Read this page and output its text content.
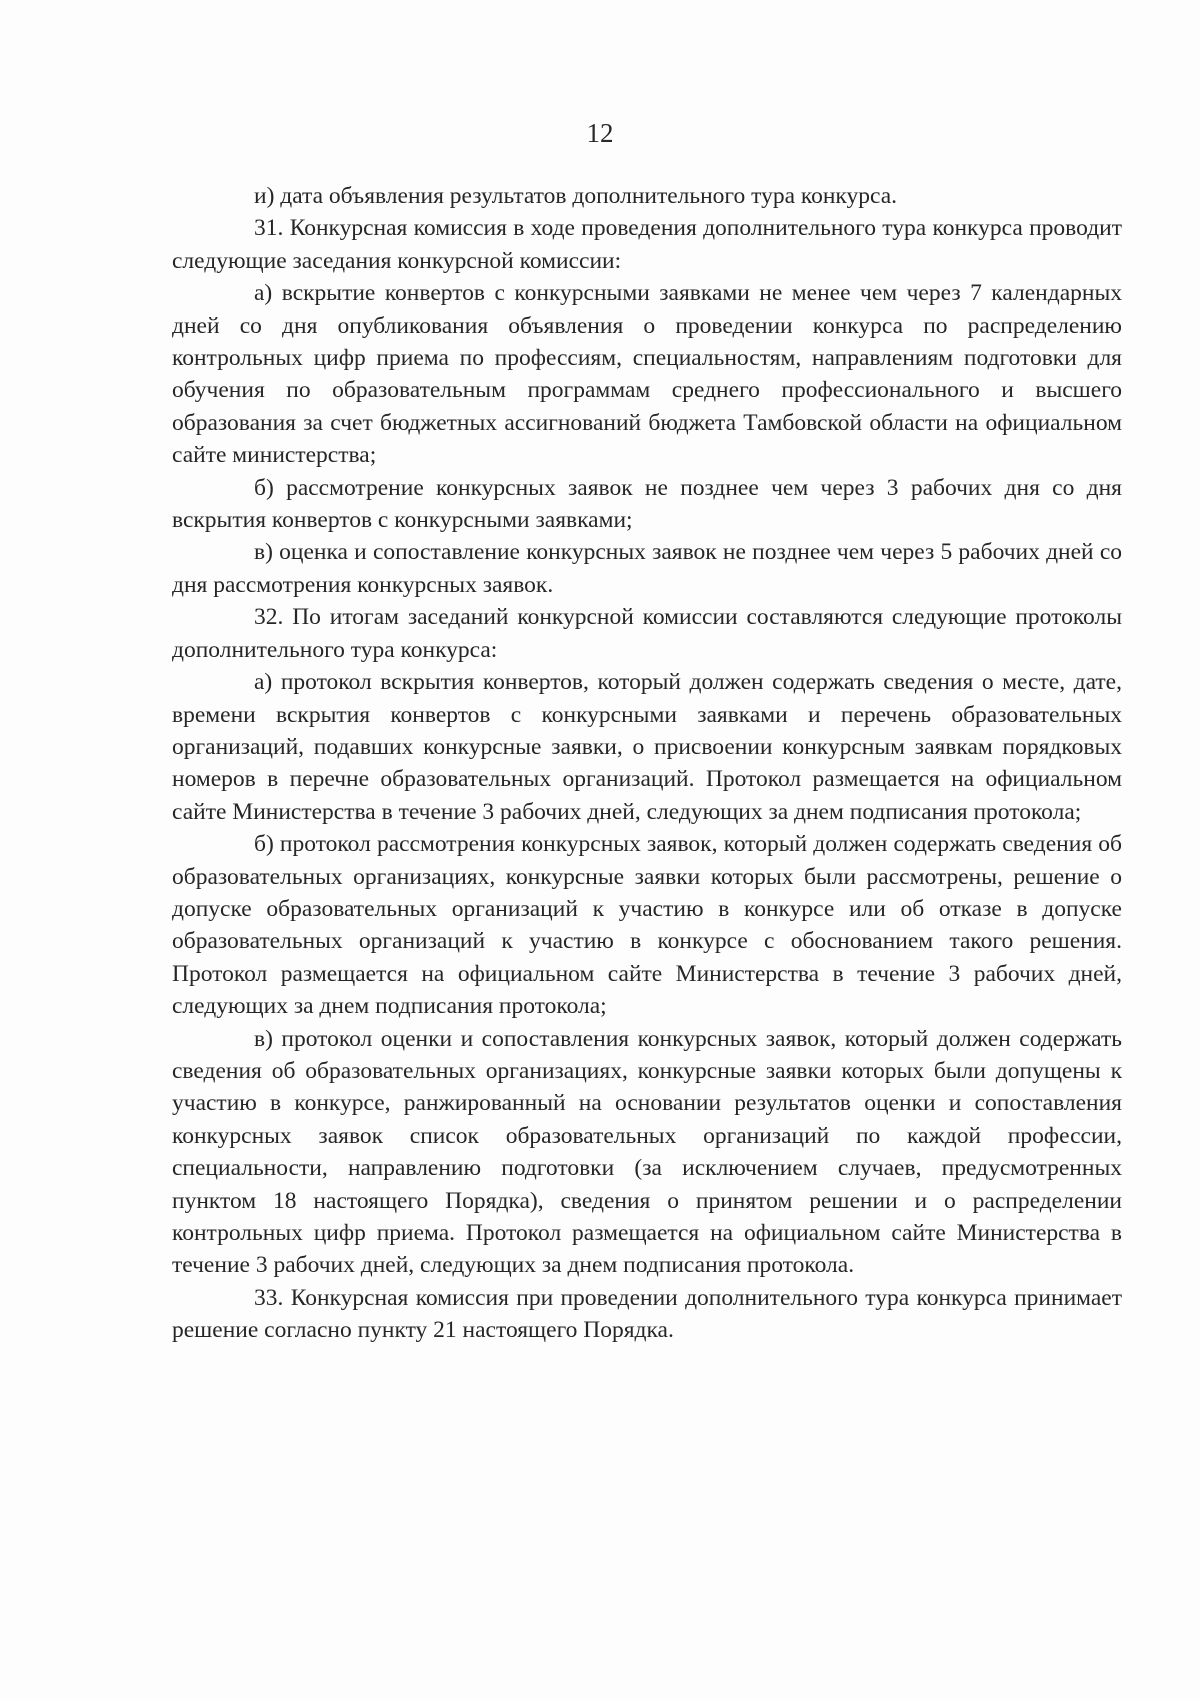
12

и) дата объявления результатов дополнительного тура конкурса.

31. Конкурсная комиссия в ходе проведения дополнительного тура конкурса проводит следующие заседания конкурсной комиссии:

а) вскрытие конвертов с конкурсными заявками не менее чем через 7 календарных дней со дня опубликования объявления о проведении конкурса по распределению контрольных цифр приема по профессиям, специальностям, направлениям подготовки для обучения по образовательным программам среднего профессионального и высшего образования за счет бюджетных ассигнований бюджета Тамбовской области на официальном сайте министерства;

б) рассмотрение конкурсных заявок не позднее чем через 3 рабочих дня со дня вскрытия конвертов с конкурсными заявками;

в) оценка и сопоставление конкурсных заявок не позднее чем через 5 рабочих дней со дня рассмотрения конкурсных заявок.

32. По итогам заседаний конкурсной комиссии составляются следующие протоколы дополнительного тура конкурса:

а) протокол вскрытия конвертов, который должен содержать сведения о месте, дате, времени вскрытия конвертов с конкурсными заявками и перечень образовательных организаций, подавших конкурсные заявки, о присвоении конкурсным заявкам порядковых номеров в перечне образовательных организаций. Протокол размещается на официальном сайте Министерства в течение 3 рабочих дней, следующих за днем подписания протокола;

б) протокол рассмотрения конкурсных заявок, который должен содержать сведения об образовательных организациях, конкурсные заявки которых были рассмотрены, решение о допуске образовательных организаций к участию в конкурсе или об отказе в допуске образовательных организаций к участию в конкурсе с обоснованием такого решения. Протокол размещается на официальном сайте Министерства в течение 3 рабочих дней, следующих за днем подписания протокола;

в) протокол оценки и сопоставления конкурсных заявок, который должен содержать сведения об образовательных организациях, конкурсные заявки которых были допущены к участию в конкурсе, ранжированный на основании результатов оценки и сопоставления конкурсных заявок список образовательных организаций по каждой профессии, специальности, направлению подготовки (за исключением случаев, предусмотренных пунктом 18 настоящего Порядка), сведения о принятом решении и о распределении контрольных цифр приема. Протокол размещается на официальном сайте Министерства в течение 3 рабочих дней, следующих за днем подписания протокола.

33. Конкурсная комиссия при проведении дополнительного тура конкурса принимает решение согласно пункту 21 настоящего Порядка.
